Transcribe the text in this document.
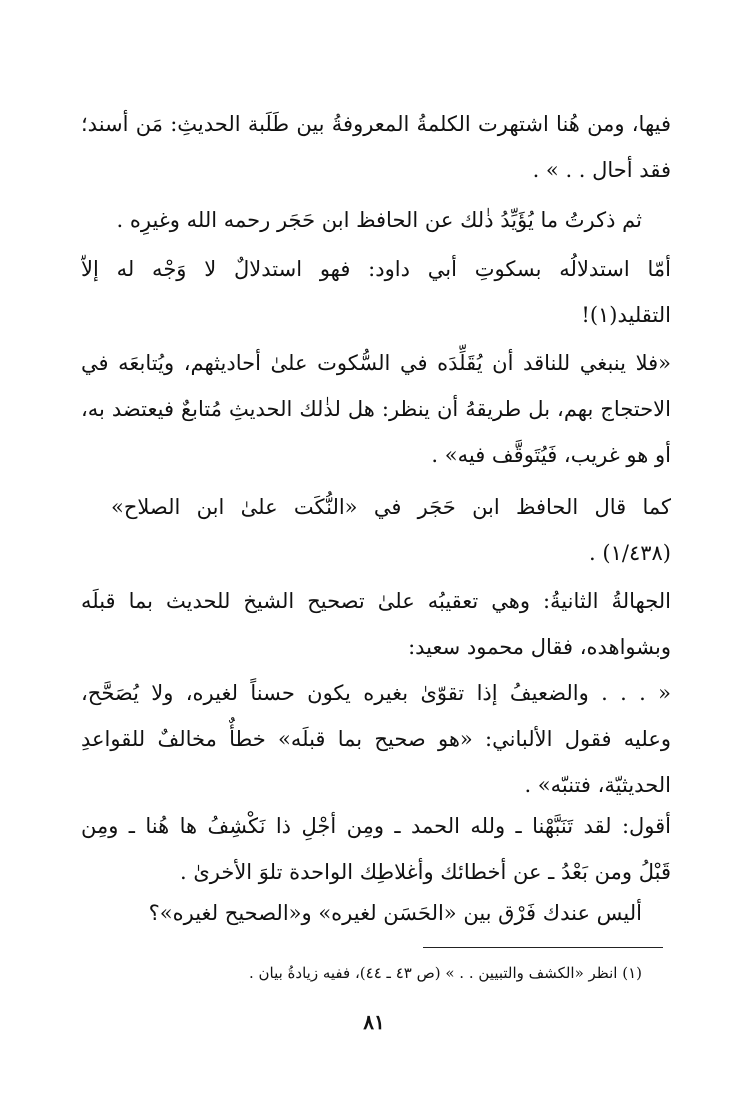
فيها، ومن هُنا اشتهرت الكلمةُ المعروفةُ بين طَلَبة الحديثِ: مَن أسند؛
فقد أحال . . » .
ثم ذكرتُ ما يُؤَيِّدُ ذٰلك عن الحافظ ابن حَجَر رحمه الله وغيرِه .
أمّا استدلالُه بسكوتِ أبي داود: فهو استدلالٌ لا وَجْه له إلاّ
التقليد(١)!
«فلا ينبغي للناقد أن يُقَلِّدَه في السُّكوت علىٰ أحاديثهم، ويُتابعَه في
الاحتجاج بهم، بل طريقهُ أن ينظر: هل لذٰلك الحديثِ مُتابعٌ فيعتضد به،
أو هو غريب، فَيُتَوقَّف فيه» .
كما قال الحافظ ابن حَجَر في «النُّكَت علىٰ ابن الصلاح»
(١/٤٣٨) .
الجهالةُ الثانيةُ: وهي تعقيبُه علىٰ تصحيح الشيخ للحديث بما قبلَه
وبشواهده، فقال محمود سعيد:
« . . . والضعيفُ إذا تقوّىٰ بغيره يكون حسناً لغيره، ولا يُصَحَّح،
وعليه فقول الألباني: «هو صحيح بما قبلَه» خطأٌ مخالفٌ للقواعدِ
الحديثيّة، فتنبّه» .
أقول: لقد تَنَبَّهْنا ـ ولله الحمد ـ ومِن أجْلِ ذا نَكْشِفُ ها هُنا ـ ومِن
قَبْلُ ومن بَعْدُ ـ عن أخطائك وأغلاطِك الواحدة تلوَ الأخرىٰ .
أليس عندك فَرْق بين «الحَسَن لغيره» و«الصحيح لغيره»؟
(١) انظر «الكشف والتبيين . . » (ص ٤٣ ـ ٤٤)، ففيه زيادةُ بيان .
٨١
